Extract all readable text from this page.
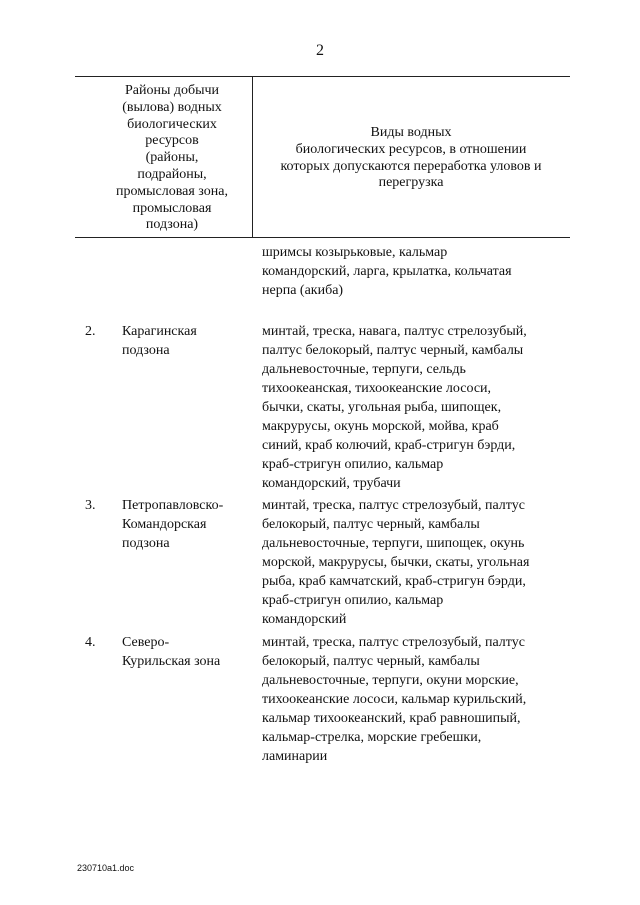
2
Районы добычи
(вылова) водных
биологических
ресурсов
(районы,
подрайоны,
промысловая зона,
промысловая
подзона)
Виды водных
биологических ресурсов, в отношении
которых допускаются переработка уловов и
перегрузка
шримсы козырьковые, кальмар
командорский, ларга, крылатка, кольчатая
нерпа (акиба)
2. Карагинская
подзона
минтай, треска, навага, палтус стрелозубый,
палтус белокорый, палтус черный, камбалы
дальневосточные, терпуги, сельдь
тихоокеанская, тихоокеанские лососи,
бычки, скаты, угольная рыба, шипощек,
макрурусы, окунь морской, мойва, краб
синий, краб колючий, краб-стригун бэрди,
краб-стригун опилио, кальмар
командорский, трубачи
3. Петропавловско-
Командорская
подзона
минтай, треска, палтус стрелозубый, палтус
белокорый, палтус черный, камбалы
дальневосточные, терпуги, шипощек, окунь
морской, макрурусы, бычки, скаты, угольная
рыба, краб камчатский, краб-стригун бэрди,
краб-стригун опилио, кальмар
командорский
4. Северо-
Курильская зона
минтай, треска, палтус стрелозубый, палтус
белокорый, палтус черный, камбалы
дальневосточные, терпуги, окуни морские,
тихоокеанские лососи, кальмар курильский,
кальмар тихоокеанский, краб равношипый,
кальмар-стрелка, морские гребешки,
ламинарии
230710a1.doc
